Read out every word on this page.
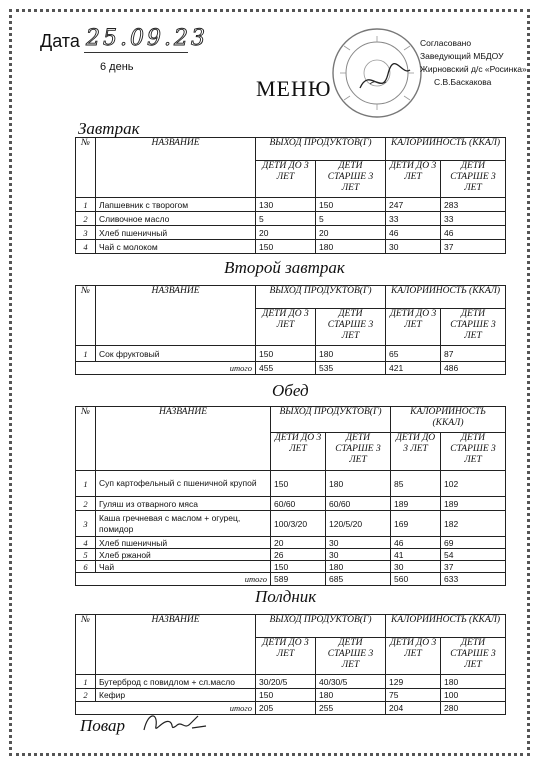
Дата 25.09.23
6 день
МЕНЮ
Согласовано
Заведующий МБДОУ
Жирновский д/с «Росинка»
С.В.Баскакова
Завтрак
№	НАЗВАНИЕ	ВЫХОД ПРОДУКТОВ(Г)		КАЛОРИЙНОСТЬ (ККАЛ)	
		ДЕТИ ДО 3 ЛЕТ	ДЕТИ СТАРШЕ 3 ЛЕТ	ДЕТИ ДО 3 ЛЕТ	ДЕТИ СТАРШЕ 3 ЛЕТ
1	Лапшевник с творогом	130	150	247	283
2	Сливочное масло	5	5	33	33
3	Хлеб пшеничный	20	20	46	46
4	Чай с молоком	150	180	30	37
Второй завтрак
№	НАЗВАНИЕ	ВЫХОД ПРОДУКТОВ(Г)		КАЛОРИЙНОСТЬ (ККАЛ)	
		ДЕТИ ДО 3 ЛЕТ	ДЕТИ СТАРШЕ 3 ЛЕТ	ДЕТИ ДО 3 ЛЕТ	ДЕТИ СТАРШЕ 3 ЛЕТ
1	Сок фруктовый	150	180	65	87
итого		455	535	421	486
Обед
№	НАЗВАНИЕ	ВЫХОД ПРОДУКТОВ(Г)		КАЛОРИЙНОСТЬ (ККАЛ)	
		ДЕТИ ДО 3 ЛЕТ	ДЕТИ СТАРШЕ 3 ЛЕТ	ДЕТИ ДО 3 ЛЕТ	ДЕТИ СТАРШЕ 3 ЛЕТ
1	Суп картофельный с пшеничной крупой	150	180	85	102
2	Гуляш из отварного мяса	60/60	60/60	189	189
3	Каша гречневая с маслом + огурец, помидор	100/3/20	120/5/20	169	182
4	Хлеб пшеничный	20	30	46	69
5	Хлеб ржаной	26	30	41	54
6	Чай	150	180	30	37
итого		589	685	560	633
Полдник
№	НАЗВАНИЕ	ВЫХОД ПРОДУКТОВ(Г)		КАЛОРИЙНОСТЬ (ККАЛ)	
		ДЕТИ ДО 3 ЛЕТ	ДЕТИ СТАРШЕ 3 ЛЕТ	ДЕТИ ДО 3 ЛЕТ	ДЕТИ СТАРШЕ 3 ЛЕТ
1	Бутерброд с повидлом + сл.масло	30/20/5	40/30/5	129	180
2	Кефир	150	180	75	100
итого		205	255	204	280
Повар
